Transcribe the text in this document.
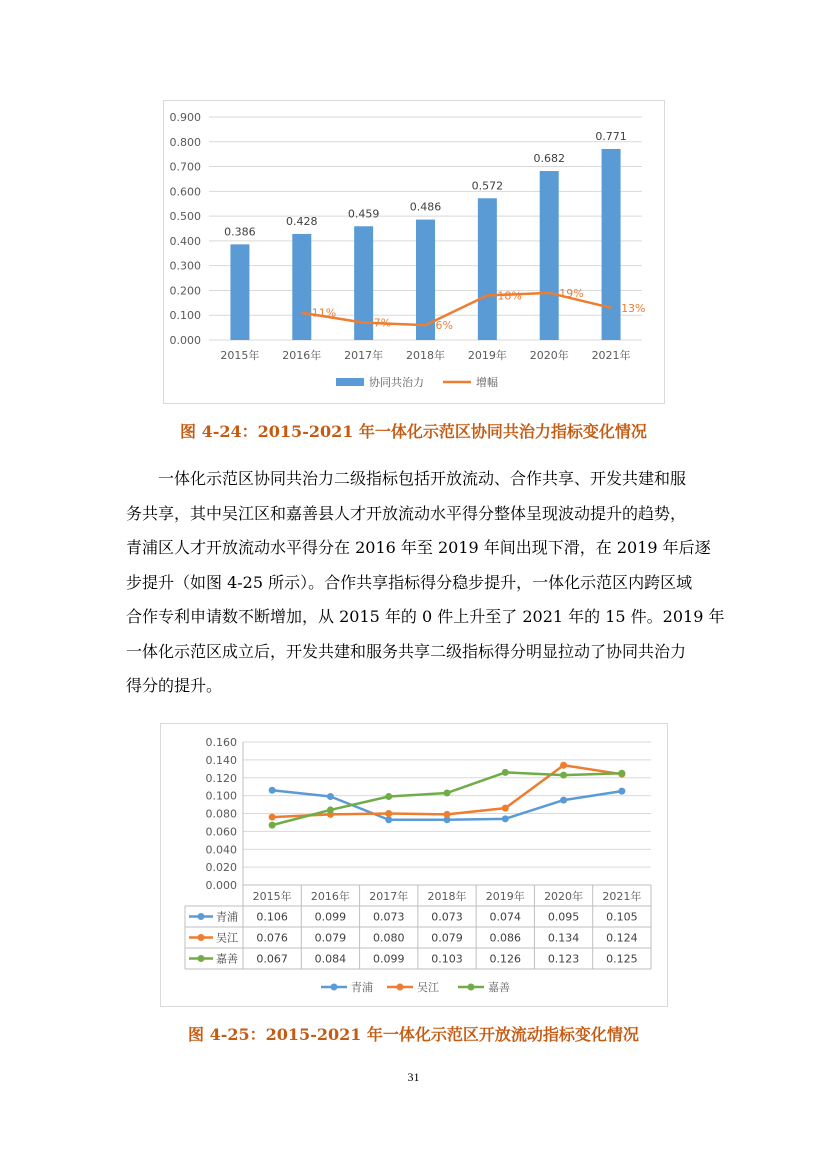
0.000
0.100
0.200
0.300
0.400
0.500
0.600
0.700
0.800
0.900
0.386
0.428
0.459
0.486
0.572
0.682
0.771
2015年 2016年 2017年 2018年 2019年 2020年 2021年
11%
7%	6%
18%	19%
13%
协同共治力	增幅
图 4-24：2015-2021 年一体化示范区协同共治力指标变化情况
一体化示范区协同共治力二级指标包括开放流动、合作共享、开发共建和服
务共享，其中吴江区和嘉善县人才开放流动水平得分整体呈现波动提升的趋势，
青浦区人才开放流动水平得分在 2016 年至 2019 年间出现下滑，在 2019 年后逐
步提升（如图 4-25 所示）。合作共享指标得分稳步提升，一体化示范区内跨区域
合作专利申请数不断增加，从 2015 年的 0 件上升至了 2021 年的 15 件。2019 年
一体化示范区成立后，开发共建和服务共享二级指标得分明显拉动了协同共治力
得分的提升。
0.000
0.020
0.040
0.060
0.080
0.100
0.120
0.140
0.160
2015年 2016年 2017年 2018年 2019年 2020年 2021年
青浦 0.106 0.099 0.073 0.073 0.074 0.095 0.105
吴江 0.076 0.079 0.080 0.079 0.086 0.134 0.124
嘉善 0.067 0.084 0.099 0.103 0.126 0.123 0.125
青浦	吴江	嘉善
图 4-25：2015-2021 年一体化示范区开放流动指标变化情况
31
